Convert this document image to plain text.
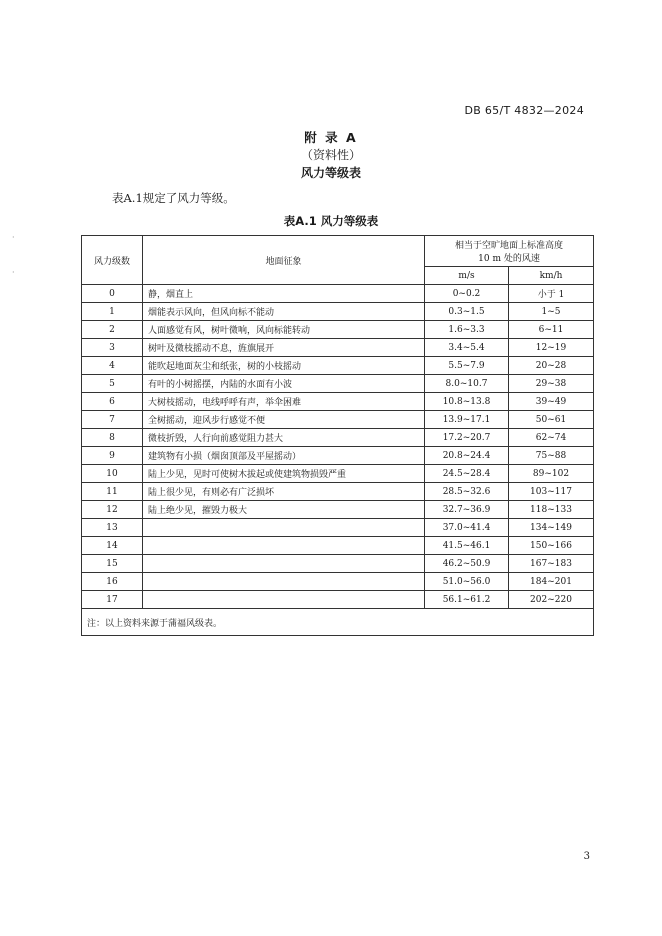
DB 65/T 4832—2024
附 录 A
（资料性）
风力等级表
表A.1规定了风力等级。
表A.1 风力等级表
风力级数	地面征象	相当于空旷地面上标准高度
10 m 处的风速	

		m/s	km/h
0	静，烟直上	0~0.2	小于 1
1	烟能表示风向，但风向标不能动	0.3~1.5	1~5
2	人面感觉有风，树叶微响，风向标能转动	1.6~3.3	6~11
3	树叶及微枝摇动不息，旌旗展开	3.4~5.4	12~19
4	能吹起地面灰尘和纸张，树的小枝摇动	5.5~7.9	20~28
5	有叶的小树摇摆，内陆的水面有小波	8.0~10.7	29~38
6	大树枝摇动，电线呼呼有声，举伞困难	10.8~13.8	39~49
7	全树摇动，迎风步行感觉不便	13.9~17.1	50~61
8	微枝折毁，人行向前感觉阻力甚大	17.2~20.7	62~74
9	建筑物有小损（烟囱顶部及平屋摇动）	20.8~24.4	75~88
10	陆上少见，见时可使树木拔起或使建筑物损毁严重	24.5~28.4	89~102
11	陆上很少见，有则必有广泛损坏	28.5~32.6	103~117
12	陆上绝少见，摧毁力极大	32.7~36.9	118~133
13		37.0~41.4	134~149
14		41.5~46.1	150~166
15		46.2~50.9	167~183
16		51.0~56.0	184~201
17		56.1~61.2	202~220
注：以上资料来源于蒲福风级表。			
·
·
3
